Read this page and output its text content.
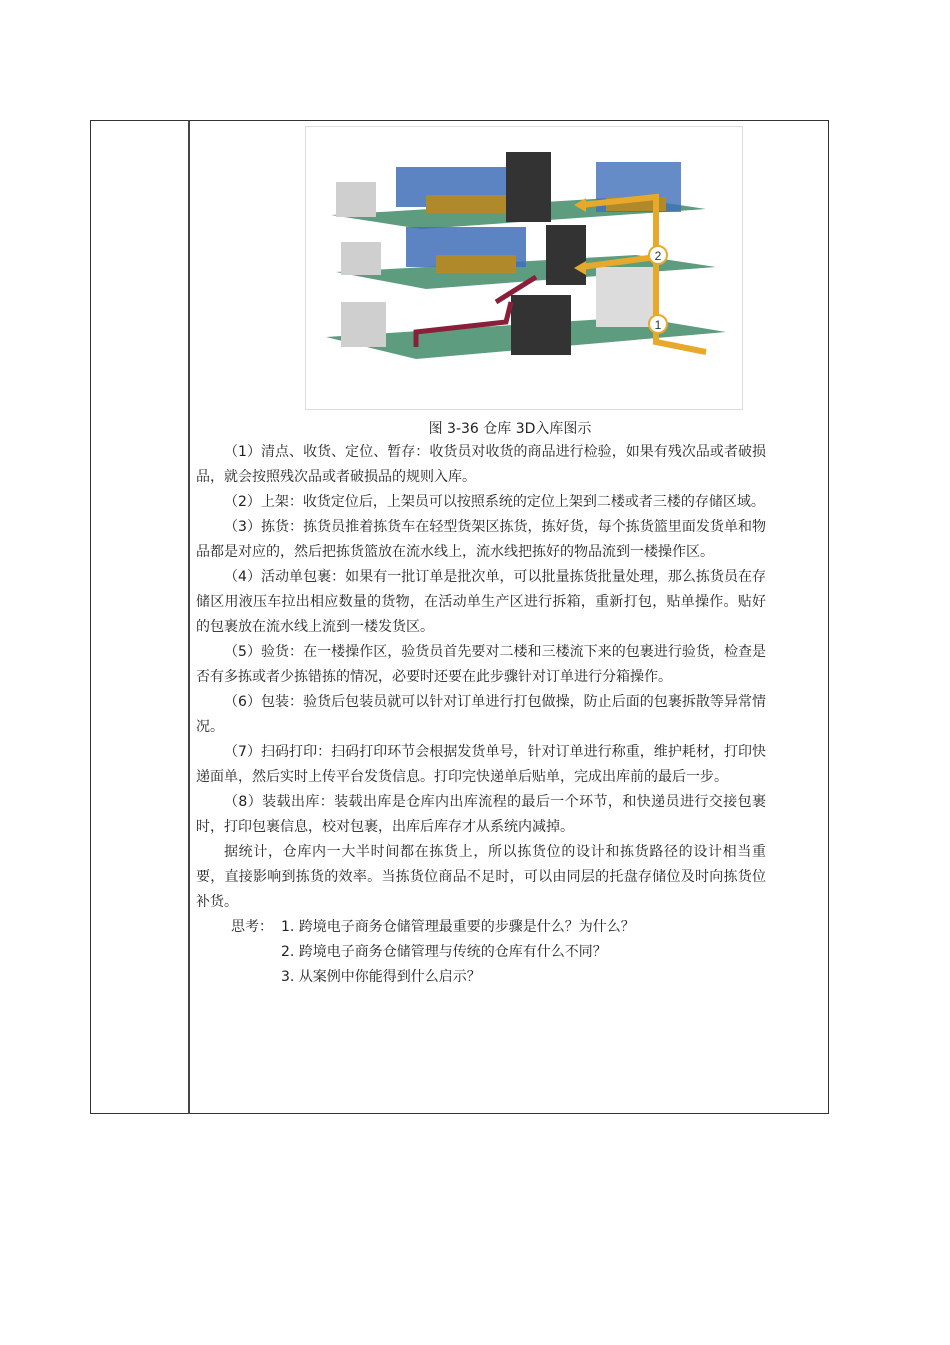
2
1
图 3-36 仓库 3D入库图示

（1）清点、收货、定位、暂存：收货员对收货的商品进行检验，如果有残次品或者破损品，就会按照残次品或者破损品的规则入库。

（2）上架：收货定位后，上架员可以按照系统的定位上架到二楼或者三楼的存储区域。

（3）拣货：拣货员推着拣货车在轻型货架区拣货，拣好货，每个拣货篮里面发货单和物品都是对应的，然后把拣货篮放在流水线上，流水线把拣好的物品流到一楼操作区。

（4）活动单包裹：如果有一批订单是批次单，可以批量拣货批量处理，那么拣货员在存储区用液压车拉出相应数量的货物，在活动单生产区进行拆箱，重新打包，贴单操作。贴好的包裹放在流水线上流到一楼发货区。

（5）验货：在一楼操作区，验货员首先要对二楼和三楼流下来的包裹进行验货，检查是否有多拣或者少拣错拣的情况，必要时还要在此步骤针对订单进行分箱操作。

（6）包装：验货后包装员就可以针对订单进行打包做操，防止后面的包裹拆散等异常情况。

（7）扫码打印：扫码打印环节会根据发货单号，针对订单进行称重，维护耗材，打印快递面单，然后实时上传平台发货信息。打印完快递单后贴单，完成出库前的最后一步。

（8）装载出库：装载出库是仓库内出库流程的最后一个环节，和快递员进行交接包裹时，打印包裹信息，校对包裹，出库后库存才从系统内减掉。

据统计，仓库内一大半时间都在拣货上，所以拣货位的设计和拣货路径的设计相当重要，直接影响到拣货的效率。当拣货位商品不足时，可以由同层的托盘存储位及时向拣货位补货。

思考： 1. 跨境电子商务仓储管理最重要的步骤是什么？为什么？

2. 跨境电子商务仓储管理与传统的仓库有什么不同？

3. 从案例中你能得到什么启示？
